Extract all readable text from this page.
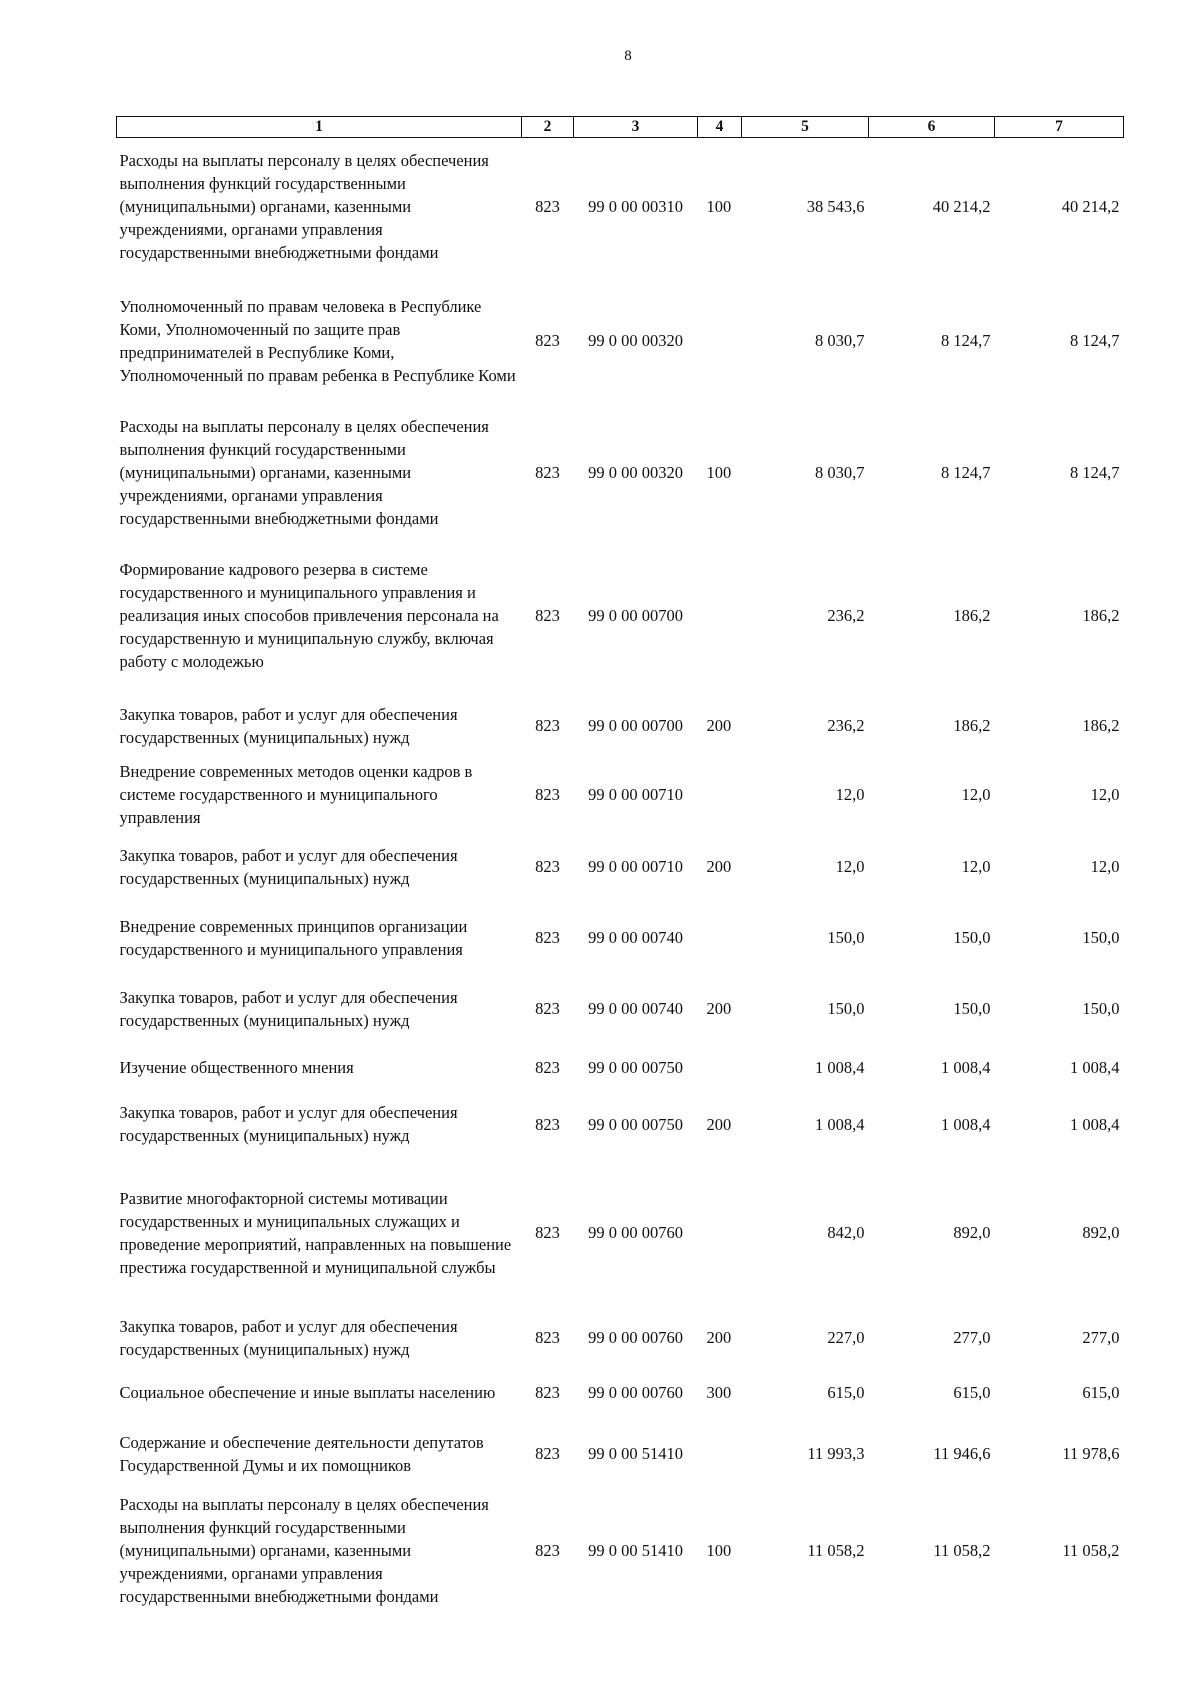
8
1	2	3	4	5	6	7
Расходы на выплаты персоналу в целях обеспечения выполнения функций государственными (муниципальными) органами, казенными учреждениями, органами управления государственными внебюджетными фондами	823	99 0 00 00310	100	38 543,6	40 214,2	40 214,2
Уполномоченный по правам человека в Республике Коми, Уполномоченный по защите прав предпринимателей в Республике Коми, Уполномоченный по правам ребенка в Республике Коми	823	99 0 00 00320		8 030,7	8 124,7	8 124,7
Расходы на выплаты персоналу в целях обеспечения выполнения функций государственными (муниципальными) органами, казенными учреждениями, органами управления государственными внебюджетными фондами	823	99 0 00 00320	100	8 030,7	8 124,7	8 124,7
Формирование кадрового резерва в системе государственного и муниципального управления и реализация иных способов привлечения персонала на государственную и муниципальную службу, включая работу с молодежью	823	99 0 00 00700		236,2	186,2	186,2
Закупка товаров, работ и услуг для обеспечения государственных (муниципальных) нужд	823	99 0 00 00700	200	236,2	186,2	186,2
Внедрение современных методов оценки кадров в системе государственного и муниципального управления	823	99 0 00 00710		12,0	12,0	12,0
Закупка товаров, работ и услуг для обеспечения государственных (муниципальных) нужд	823	99 0 00 00710	200	12,0	12,0	12,0
Внедрение современных принципов организации государственного и муниципального управления	823	99 0 00 00740		150,0	150,0	150,0
Закупка товаров, работ и услуг для обеспечения государственных (муниципальных) нужд	823	99 0 00 00740	200	150,0	150,0	150,0
Изучение общественного мнения	823	99 0 00 00750		1 008,4	1 008,4	1 008,4
Закупка товаров, работ и услуг для обеспечения государственных (муниципальных) нужд	823	99 0 00 00750	200	1 008,4	1 008,4	1 008,4
Развитие многофакторной системы мотивации государственных и муниципальных служащих и проведение мероприятий, направленных на повышение престижа государственной и муниципальной службы	823	99 0 00 00760		842,0	892,0	892,0
Закупка товаров, работ и услуг для обеспечения государственных (муниципальных) нужд	823	99 0 00 00760	200	227,0	277,0	277,0
Социальное обеспечение и иные выплаты населению	823	99 0 00 00760	300	615,0	615,0	615,0
Содержание и обеспечение деятельности депутатов Государственной Думы и их помощников	823	99 0 00 51410		11 993,3	11 946,6	11 978,6
Расходы на выплаты персоналу в целях обеспечения выполнения функций государственными (муниципальными) органами, казенными учреждениями, органами управления государственными внебюджетными фондами	823	99 0 00 51410	100	11 058,2	11 058,2	11 058,2
